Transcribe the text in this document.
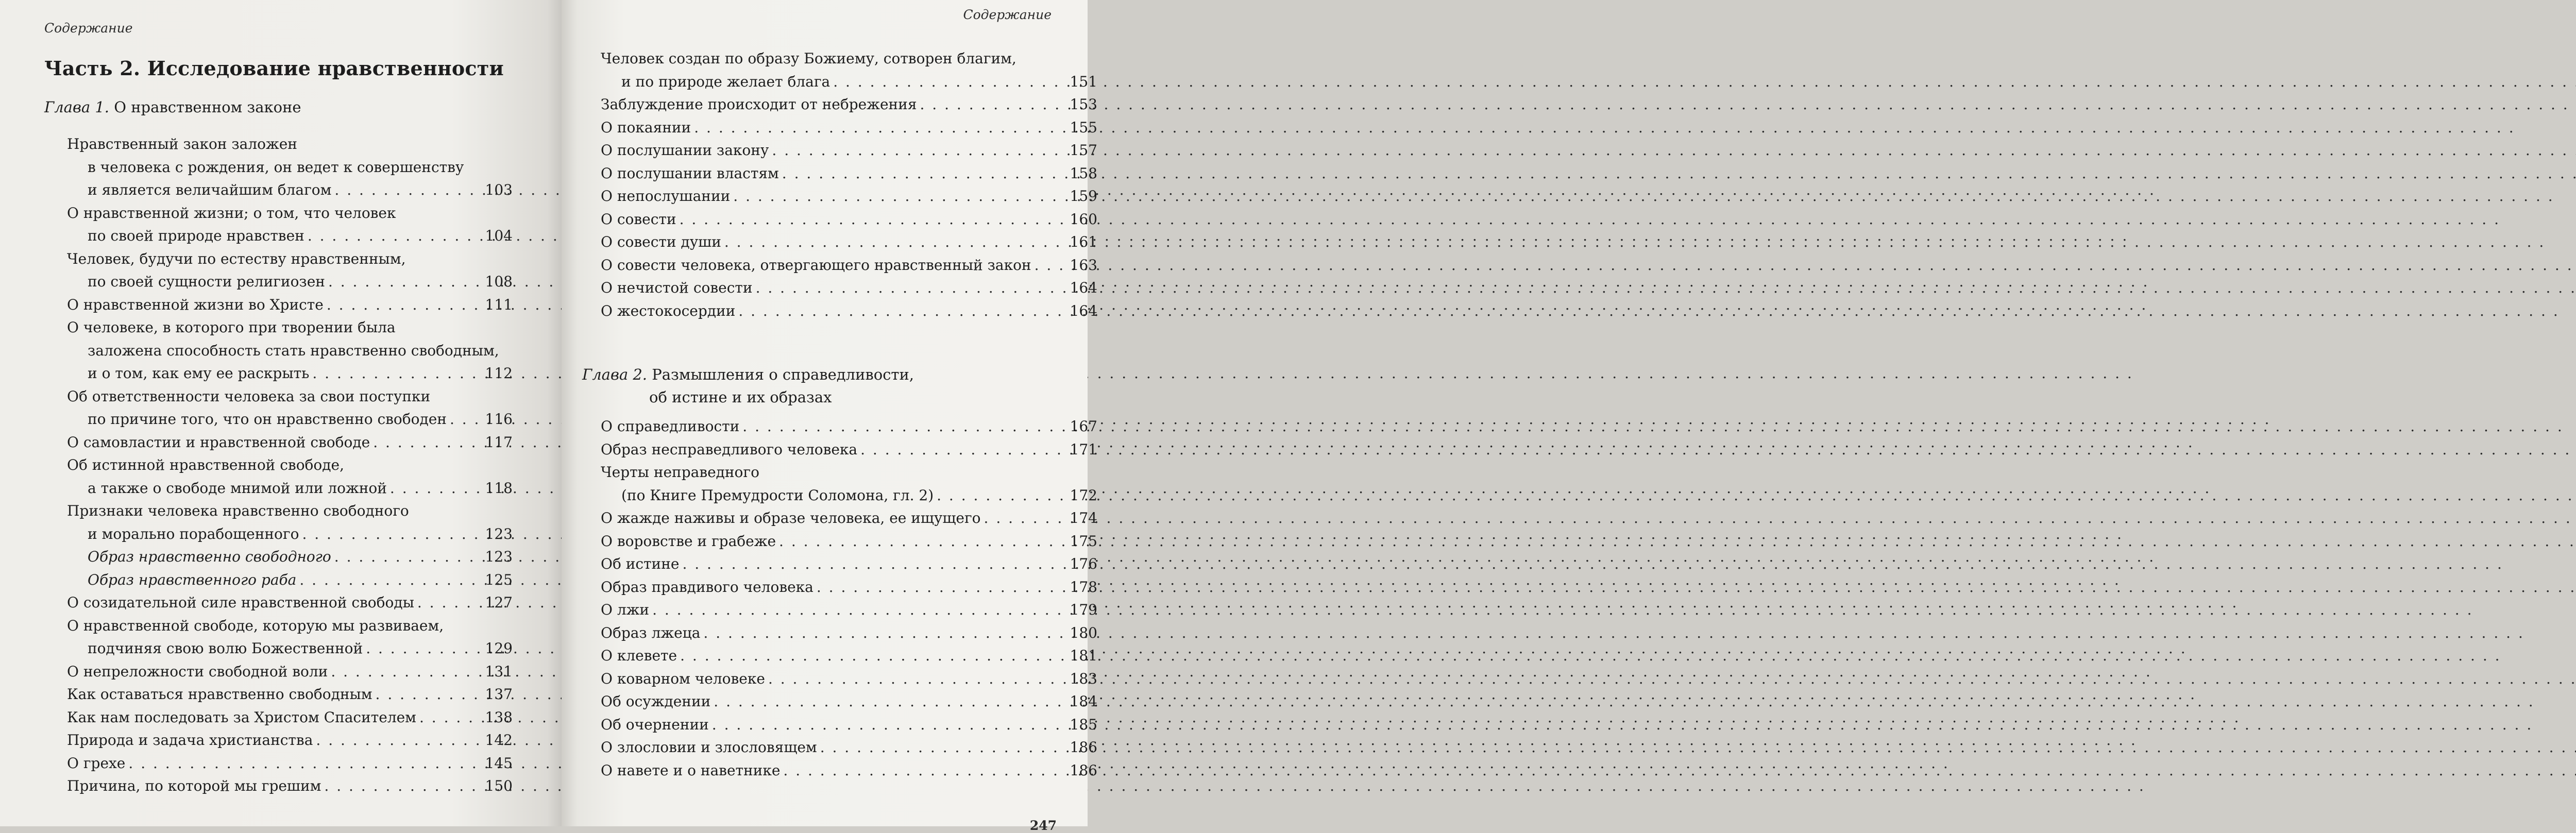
Содержание
Часть 2. Исследование нравственности
Глава 1. О нравственном законе
Нравственный закон заложен
в человека с рождения, он ведет к совершенству
и является величайшим благом . . .	103
О нравственной жизни; о том, что человек
по своей природе нравствен . . .	104
Человек, будучи по естеству нравственным,
по своей сущности религиозен . . .	108
О нравственной жизни во Христе . . .	111
О человеке, в которого при творении была
заложена способность стать нравственно свободным,
и о том, как ему ее раскрыть . . .	112
Об ответственности человека за свои поступки
по причине того, что он нравственно свободен . . .	116
О самовластии и нравственной свободе . . .	117
Об истинной нравственной свободе,
а также о свободе мнимой или ложной . . .	118
Признаки человека нравственно свободного
и морально порабощенного . . .	123
Образ нравственно свободного . . .	123
Образ нравственного раба . . .	125
О созидательной силе нравственной свободы . . .	127
О нравственной свободе, которую мы развиваем,
подчиняя свою волю Божественной . . .	129
О непреложности свободной воли . . .	131
Как оставаться нравственно свободным . . .	137
Как нам последовать за Христом Спасителем . . .	138
Природа и задача христианства . . .	142
О грехе . . .	145
Причина, по которой мы грешим . . .	150
Содержание
Человек создан по образу Божиему, сотворен благим,
и по природе желает блага . . .	151
Заблуждение происходит от небрежения . . .	153
О покаянии . . .	155
О послушании закону . . .	157
О послушании властям . . .	158
О непослушании . . .	159
О совести . . .	160
О совести души . . .	161
О совести человека, отвергающего нравственный закон . . .	163
О нечистой совести . . .	164
О жестокосердии . . .	164
Глава 2. Размышления о справедливости,
об истине и их образах
О справедливости . . .	167
Образ несправедливого человека . . .	171
Черты неправедного
(по Книге Премудрости Соломона, гл. 2) . . .	172
О жажде наживы и образе человека, ее ищущего . . .	174
О воровстве и грабеже . . .	175
Об истине . . .	176
Образ правдивого человека . . .	178
О лжи . . .	179
Образ лжеца . . .	180
О клевете . . .	181
О коварном человеке . . .	183
Об осуждении . . .	184
Об очернении . . .	185
О злословии и злословящем . . .	186
О навете и о наветнике . . .	186
247
